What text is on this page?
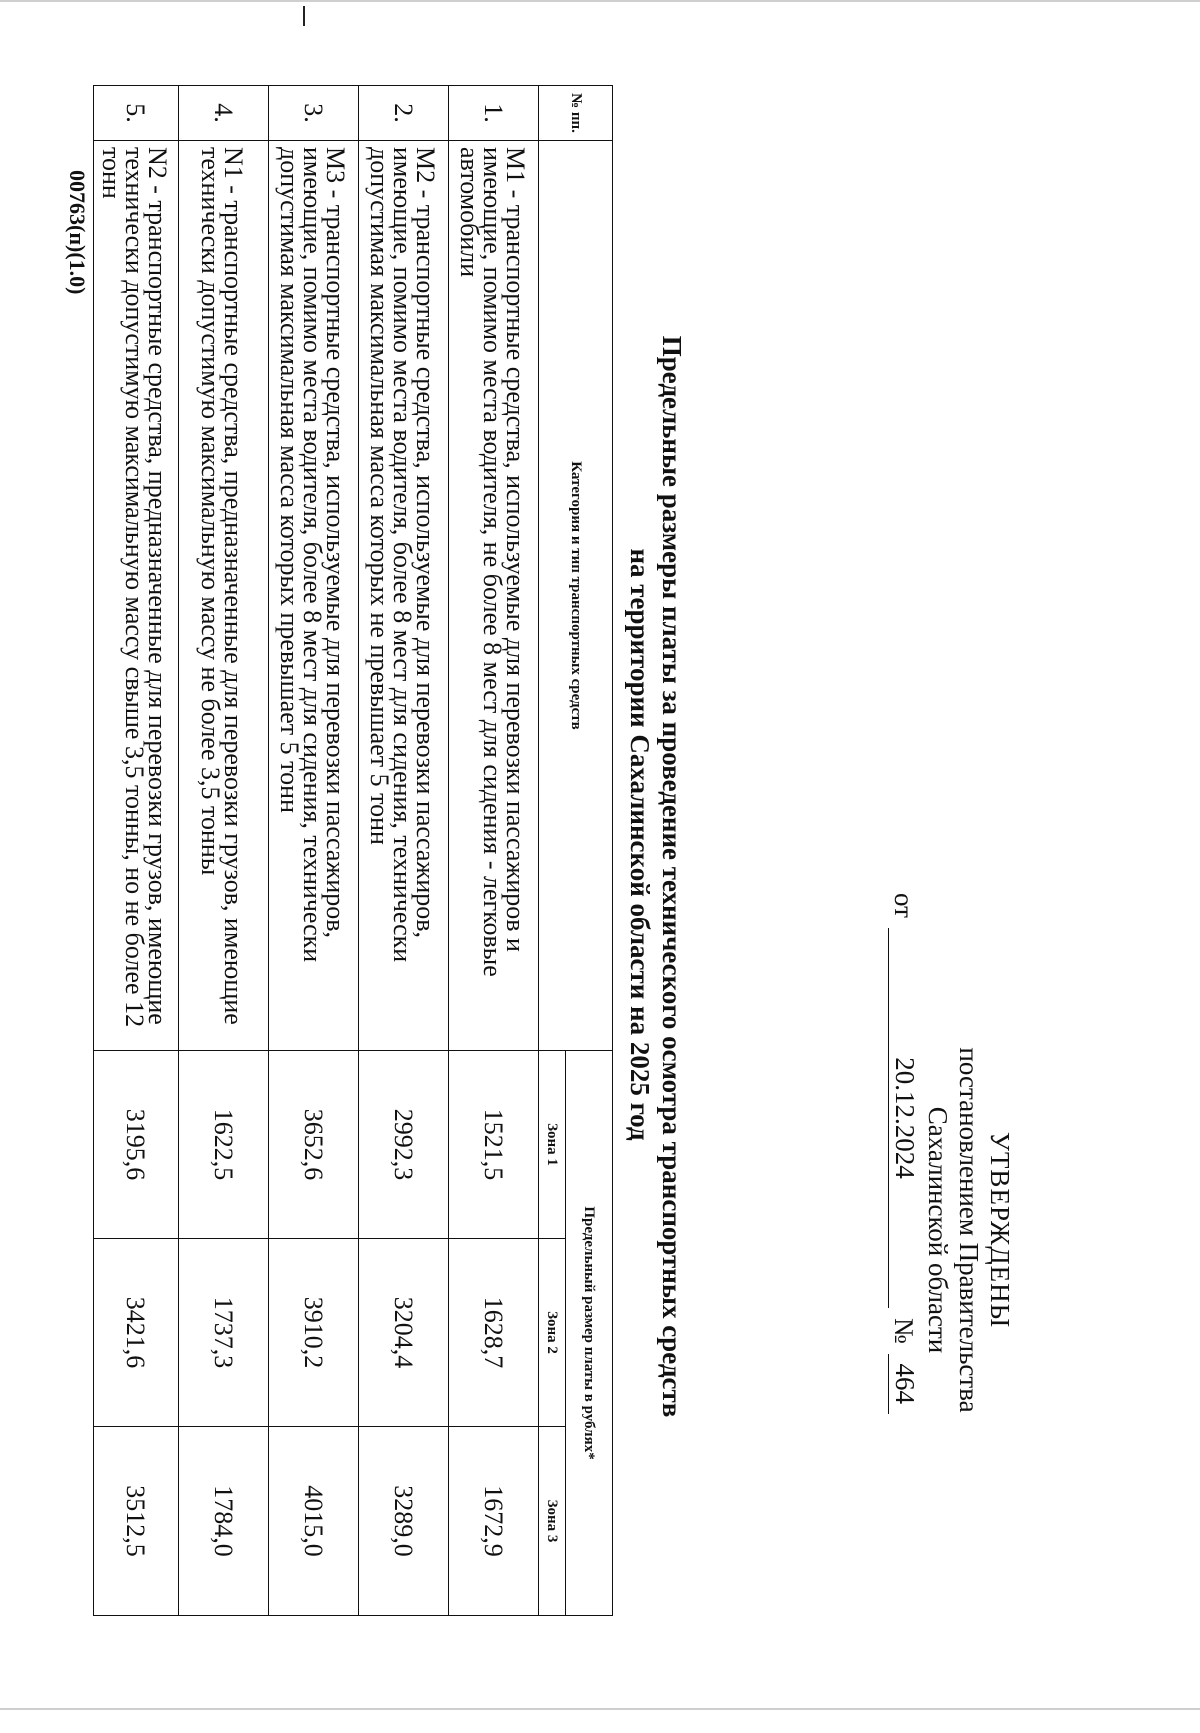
УТВЕРЖДЕНЫ
постановлением Правительства
Сахалинской области
от
20.12.2024
№
464
Предельные размеры платы за проведение технического осмотра транспортных средств
на территории Сахалинской области на 2025 год
№ пп.	Категория и тип транспортных средств	Предельный размер платы в рублях*		
		Зона 1	Зона 2	Зона 3
1.	M1 - транспортные средства, используемые для перевозки пассажиров и имеющие, помимо места водителя, не более 8 мест для сидения - легковые автомобили	1521,5	1628,7	1672,9
2.	M2 - транспортные средства, используемые для перевозки пассажиров, имеющие, помимо места водителя, более 8 мест для сидения, технически допустимая максимальная масса которых не превышает 5 тонн	2992,3	3204,4	3289,0
3.	M3 - транспортные средства, используемые для перевозки пассажиров, имеющие, помимо места водителя, более 8 мест для сидения, технически допустимая максимальная масса которых превышает 5 тонн	3652,6	3910,2	4015,0
4.	N1 - транспортные средства, предназначенные для перевозки грузов, имеющие технически допустимую максимальную массу не более 3,5 тонны	1622,5	1737,3	1784,0
5.	N2 - транспортные средства, предназначенные для перевозки грузов, имеющие технически допустимую максимальную массу свыше 3,5 тонны, но не более 12 тонн	3195,6	3421,6	3512,5
00763(п)(1.0)
